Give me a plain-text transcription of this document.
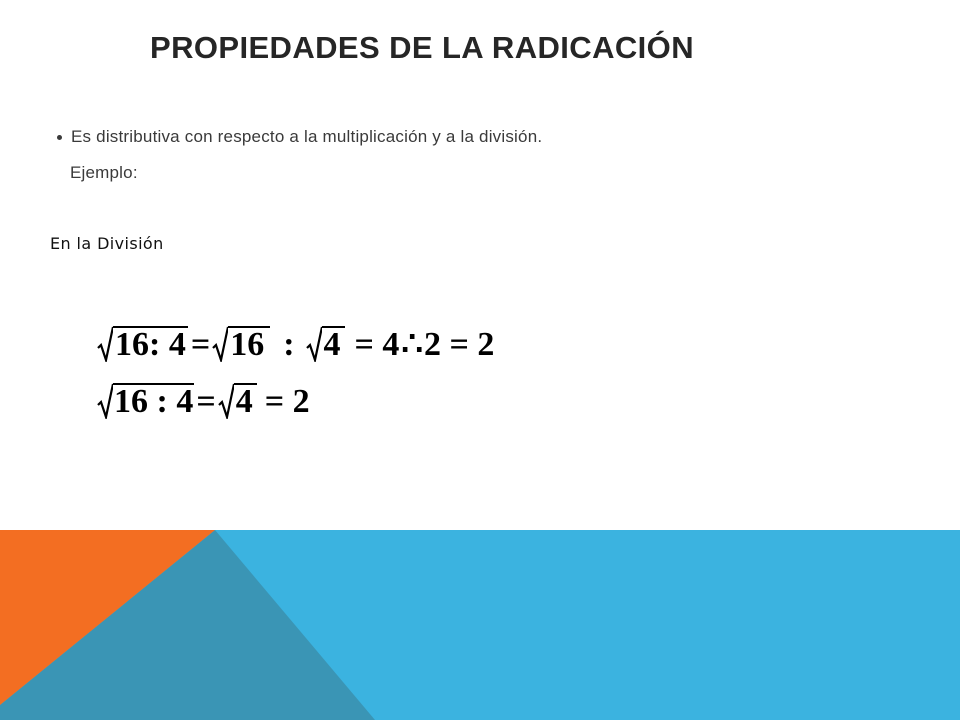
PROPIEDADES DE LA RADICACIÓN
Es distributiva con respecto a la multiplicación y a la división.
Ejemplo:
En la División
16: 4 = 16 : 4 = 4 ∴ 2 = 2
16 : 4 = 4 = 2
